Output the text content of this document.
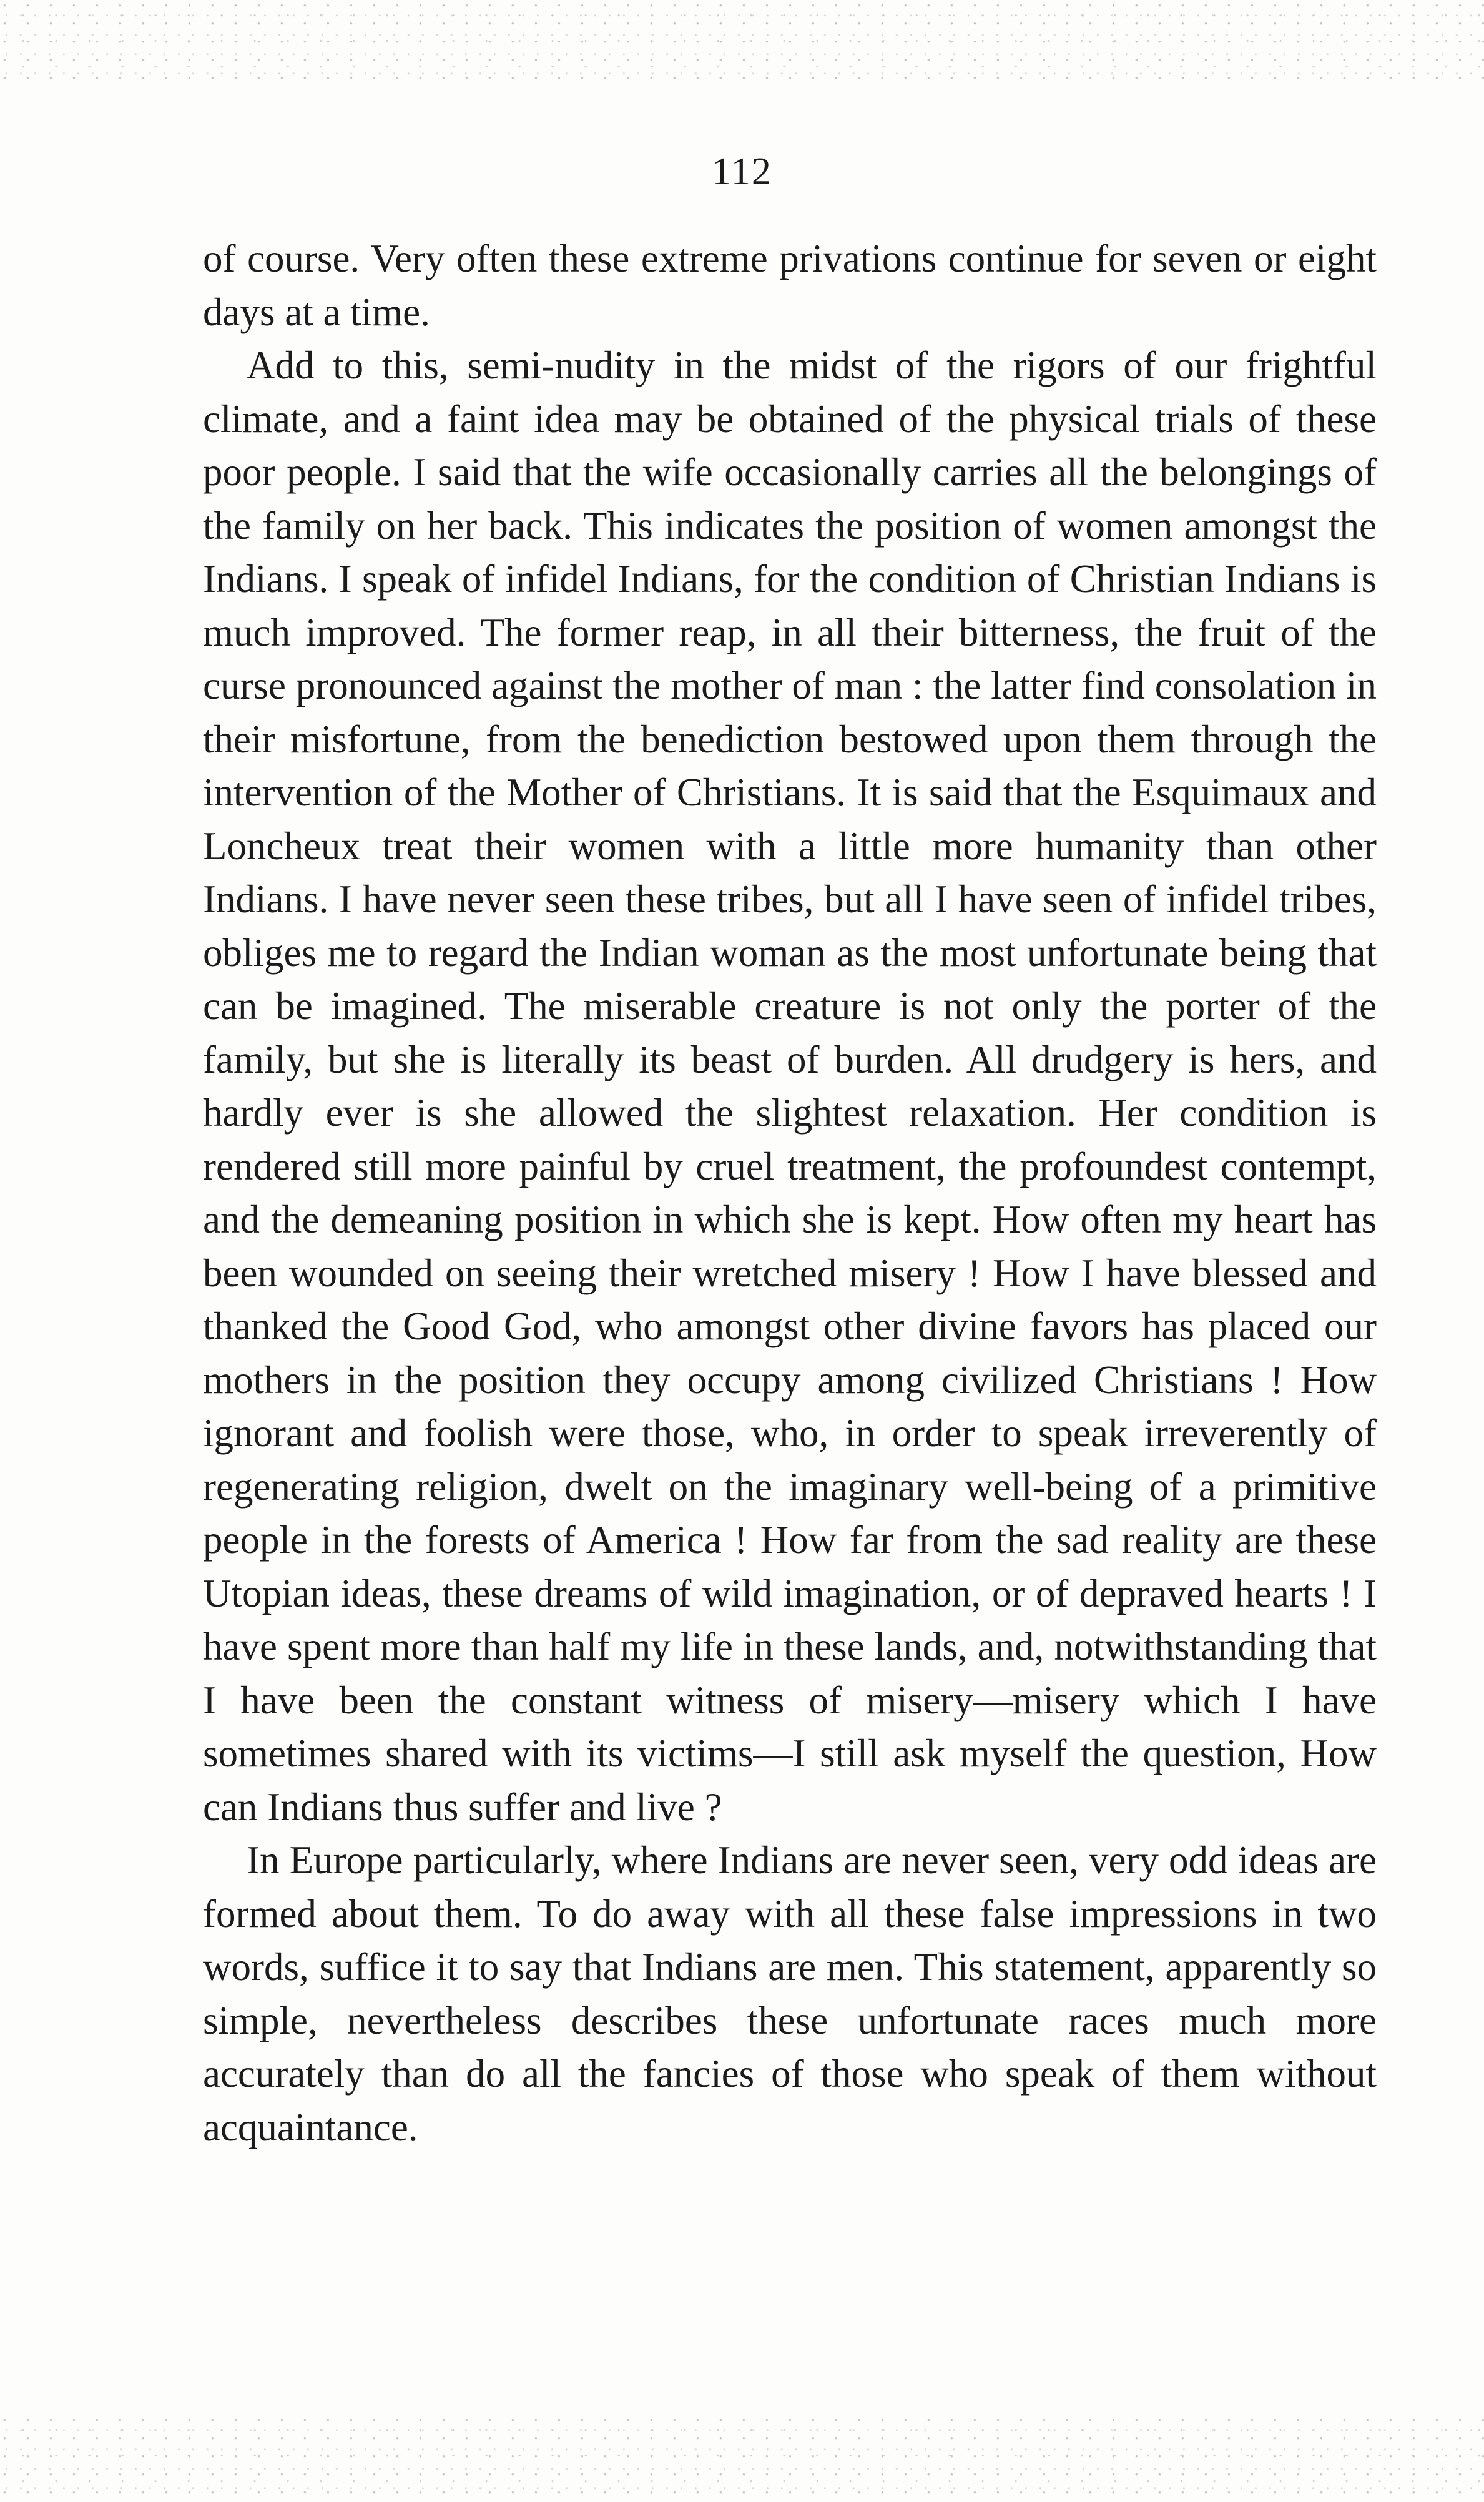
112

of course. Very often these extreme privations continue for seven or eight days at a time.

Add to this, semi-nudity in the midst of the rigors of our frightful climate, and a faint idea may be obtained of the physical trials of these poor people. I said that the wife occasionally carries all the belongings of the family on her back. This indicates the position of women amongst the Indians. I speak of infidel Indians, for the condition of Christian Indians is much improved. The former reap, in all their bitterness, the fruit of the curse pronounced against the mother of man : the latter find consolation in their misfortune, from the benediction bestowed upon them through the intervention of the Mother of Christians. It is said that the Esquimaux and Loncheux treat their women with a little more humanity than other Indians. I have never seen these tribes, but all I have seen of infidel tribes, obliges me to regard the Indian woman as the most unfortunate being that can be imagined. The miserable creature is not only the porter of the family, but she is literally its beast of burden. All drudgery is hers, and hardly ever is she allowed the slightest relaxation. Her condition is rendered still more painful by cruel treatment, the profoundest contempt, and the demeaning position in which she is kept. How often my heart has been wounded on seeing their wretched misery ! How I have blessed and thanked the Good God, who amongst other divine favors has placed our mothers in the position they occupy among civilized Christians ! How ignorant and foolish were those, who, in order to speak irreverently of regenerating religion, dwelt on the imaginary well-being of a primitive people in the forests of America ! How far from the sad reality are these Utopian ideas, these dreams of wild imagination, or of depraved hearts ! I have spent more than half my life in these lands, and, notwithstanding that I have been the constant witness of misery—misery which I have sometimes shared with its victims—I still ask myself the question, How can Indians thus suffer and live ?

In Europe particularly, where Indians are never seen, very odd ideas are formed about them. To do away with all these false impressions in two words, suffice it to say that Indians are men. This statement, apparently so simple, nevertheless describes these unfortunate races much more accurately than do all the fancies of those who speak of them without acquaintance.
